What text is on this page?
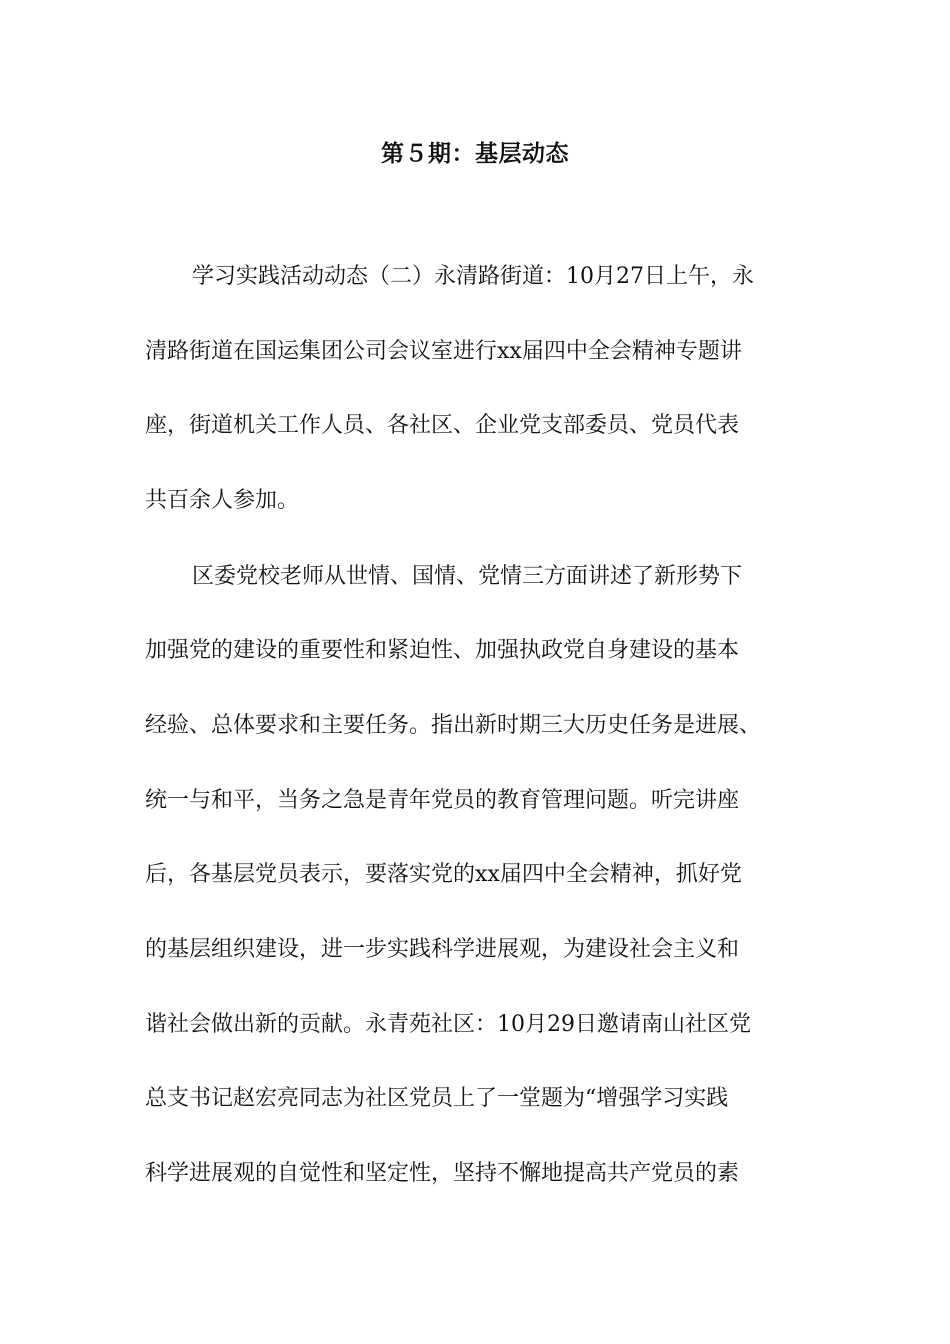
第５期：基层动态
学习实践活动动态（二）永清路街道：10月27日上午，永
清路街道在国运集团公司会议室进行xx届四中全会精神专题讲
座，街道机关工作人员、各社区、企业党支部委员、党员代表
共百余人参加。
区委党校老师从世情、国情、党情三方面讲述了新形势下
加强党的建设的重要性和紧迫性、加强执政党自身建设的基本
经验、总体要求和主要任务。指出新时期三大历史任务是进展、
统一与和平，当务之急是青年党员的教育管理问题。听完讲座
后，各基层党员表示，要落实党的xx届四中全会精神，抓好党
的基层组织建设，进一步实践科学进展观，为建设社会主义和
谐社会做出新的贡献。永青苑社区：10月29日邀请南山社区党
总支书记赵宏亮同志为社区党员上了一堂题为“增强学习实践
科学进展观的自觉性和坚定性，坚持不懈地提高共产党员的素
